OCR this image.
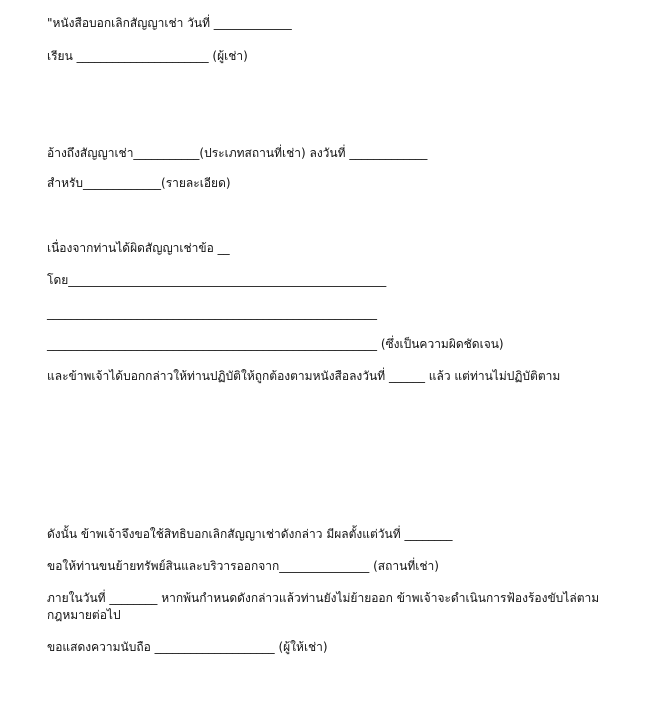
"หนังสือบอกเลิกสัญญาเช่า วันที่ _____________
เรียน ______________________ (ผู้เช่า)
อ้างถึงสัญญาเช่า___________(ประเภทสถานที่เช่า) ลงวันที่ _____________
สำหรับ_____________(รายละเอียด)
เนื่องจากท่านได้ผิดสัญญาเช่าข้อ __
โดย_____________________________________________________
_______________________________________________________
_______________________________________________________ (ซึ่งเป็นความผิดชัดเจน)
และข้าพเจ้าได้บอกกล่าวให้ท่านปฏิบัติให้ถูกต้องตามหนังสือลงวันที่ ______ แล้ว แต่ท่านไม่ปฏิบัติตาม
ดังนั้น ข้าพเจ้าจึงขอใช้สิทธิบอกเลิกสัญญาเช่าดังกล่าว มีผลตั้งแต่วันที่ ________
ขอให้ท่านขนย้ายทรัพย์สินและบริวารออกจาก_______________ (สถานที่เช่า)
ภายในวันที่ ________ หากพ้นกำหนดดังกล่าวแล้วท่านยังไม่ย้ายออก ข้าพเจ้าจะดำเนินการฟ้องร้องขับไล่ตามกฎหมายต่อไป
ขอแสดงความนับถือ ____________________ (ผู้ให้เช่า)
